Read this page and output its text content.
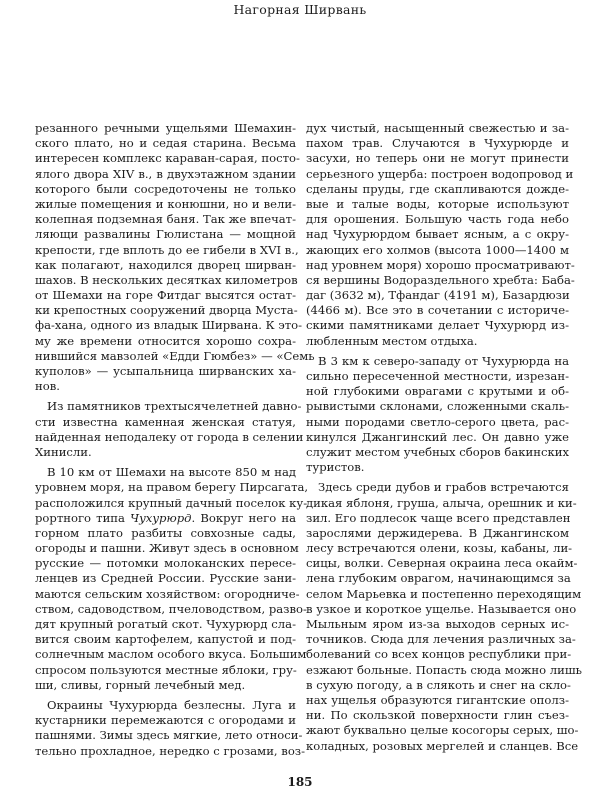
Нагорная Ширвань
резанного речными ущельями Шемахин-
ского плато, но и седая старина. Весьма
интересен комплекс караван-сарая, посто-
ялого двора XIV в., в двухэтажном здании
которого были сосредоточены не только
жилые помещения и конюшни, но и вели-
колепная подземная баня. Так же впечат-
ляющи развалины Гюлистана — мощной
крепости, где вплоть до ее гибели в XVI в.,
как полагают, находился дворец ширван-
шахов. В нескольких десятках километров
от Шемахи на горе Фитдаг высятся остат-
ки крепостных сооружений дворца Муста-
фа-хана, одного из владык Ширвана. К это-
му же времени относится хорошо сохра-
нившийся мавзолей «Едди Гюмбез» — «Семь
куполов» — усыпальница ширванских ха-
нов.
Из памятников трехтысячелетней давно-
сти известна каменная женская статуя,
найденная неподалеку от города в селении
Хинисли.
В 10 км от Шемахи на высоте 850 м над
уровнем моря, на правом берегу Пирсагата,
расположился крупный дачный поселок ку-
рортного типа Чухурюрд. Вокруг него на
горном плато разбиты совхозные сады,
огороды и пашни. Живут здесь в основном
русские — потомки молоканских пересе-
ленцев из Средней России. Русские зани-
маются сельским хозяйством: огородниче-
ством, садоводством, пчеловодством, разво-
дят крупный рогатый скот. Чухурюрд сла-
вится своим картофелем, капустой и под-
солнечным маслом особого вкуса. Большим
спросом пользуются местные яблоки, гру-
ши, сливы, горный лечебный мед.
Окраины Чухурюрда безлесны. Луга и
кустарники перемежаются с огородами и
пашнями. Зимы здесь мягкие, лето относи-
тельно прохладное, нередко с грозами, воз-
дух чистый, насыщенный свежестью и за-
пахом трав. Случаются в Чухурюрде и
засухи, но теперь они не могут принести
серьезного ущерба: построен водопровод и
сделаны пруды, где скапливаются дожде-
вые и талые воды, которые используют
для орошения. Большую часть года небо
над Чухурюрдом бывает ясным, а с окру-
жающих его холмов (высота 1000—1400 м
над уровнем моря) хорошо просматривают-
ся вершины Водораздельного хребта: Баба-
даг (3632 м), Тфандаг (4191 м), Базардюзи
(4466 м). Все это в сочетании с историче-
скими памятниками делает Чухурюрд из-
любленным местом отдыха.
В 3 км к северо-западу от Чухурюрда на
сильно пересеченной местности, изрезан-
ной глубокими оврагами с крутыми и об-
рывистыми склонами, сложенными скаль-
ными породами светло-серого цвета, рас-
кинулся Джангинский лес. Он давно уже
служит местом учебных сборов бакинских
туристов.
Здесь среди дубов и грабов встречаются
дикая яблоня, груша, алыча, орешник и ки-
зил. Его подлесок чаще всего представлен
зарослями держидерева. В Джангинском
лесу встречаются олени, козы, кабаны, ли-
сицы, волки. Северная окраина леса окайм-
лена глубоким оврагом, начинающимся за
селом Марьевка и постепенно переходящим
в узкое и короткое ущелье. Называется оно
Мыльным яром из-за выходов серных ис-
точников. Сюда для лечения различных за-
болеваний со всех концов республики при-
езжают больные. Попасть сюда можно лишь
в сухую погоду, а в слякоть и снег на скло-
нах ущелья образуются гигантские ополз-
ни. По скользкой поверхности глин съез-
жают буквально целые косогоры серых, шо-
коладных, розовых мергелей и сланцев. Все
185
